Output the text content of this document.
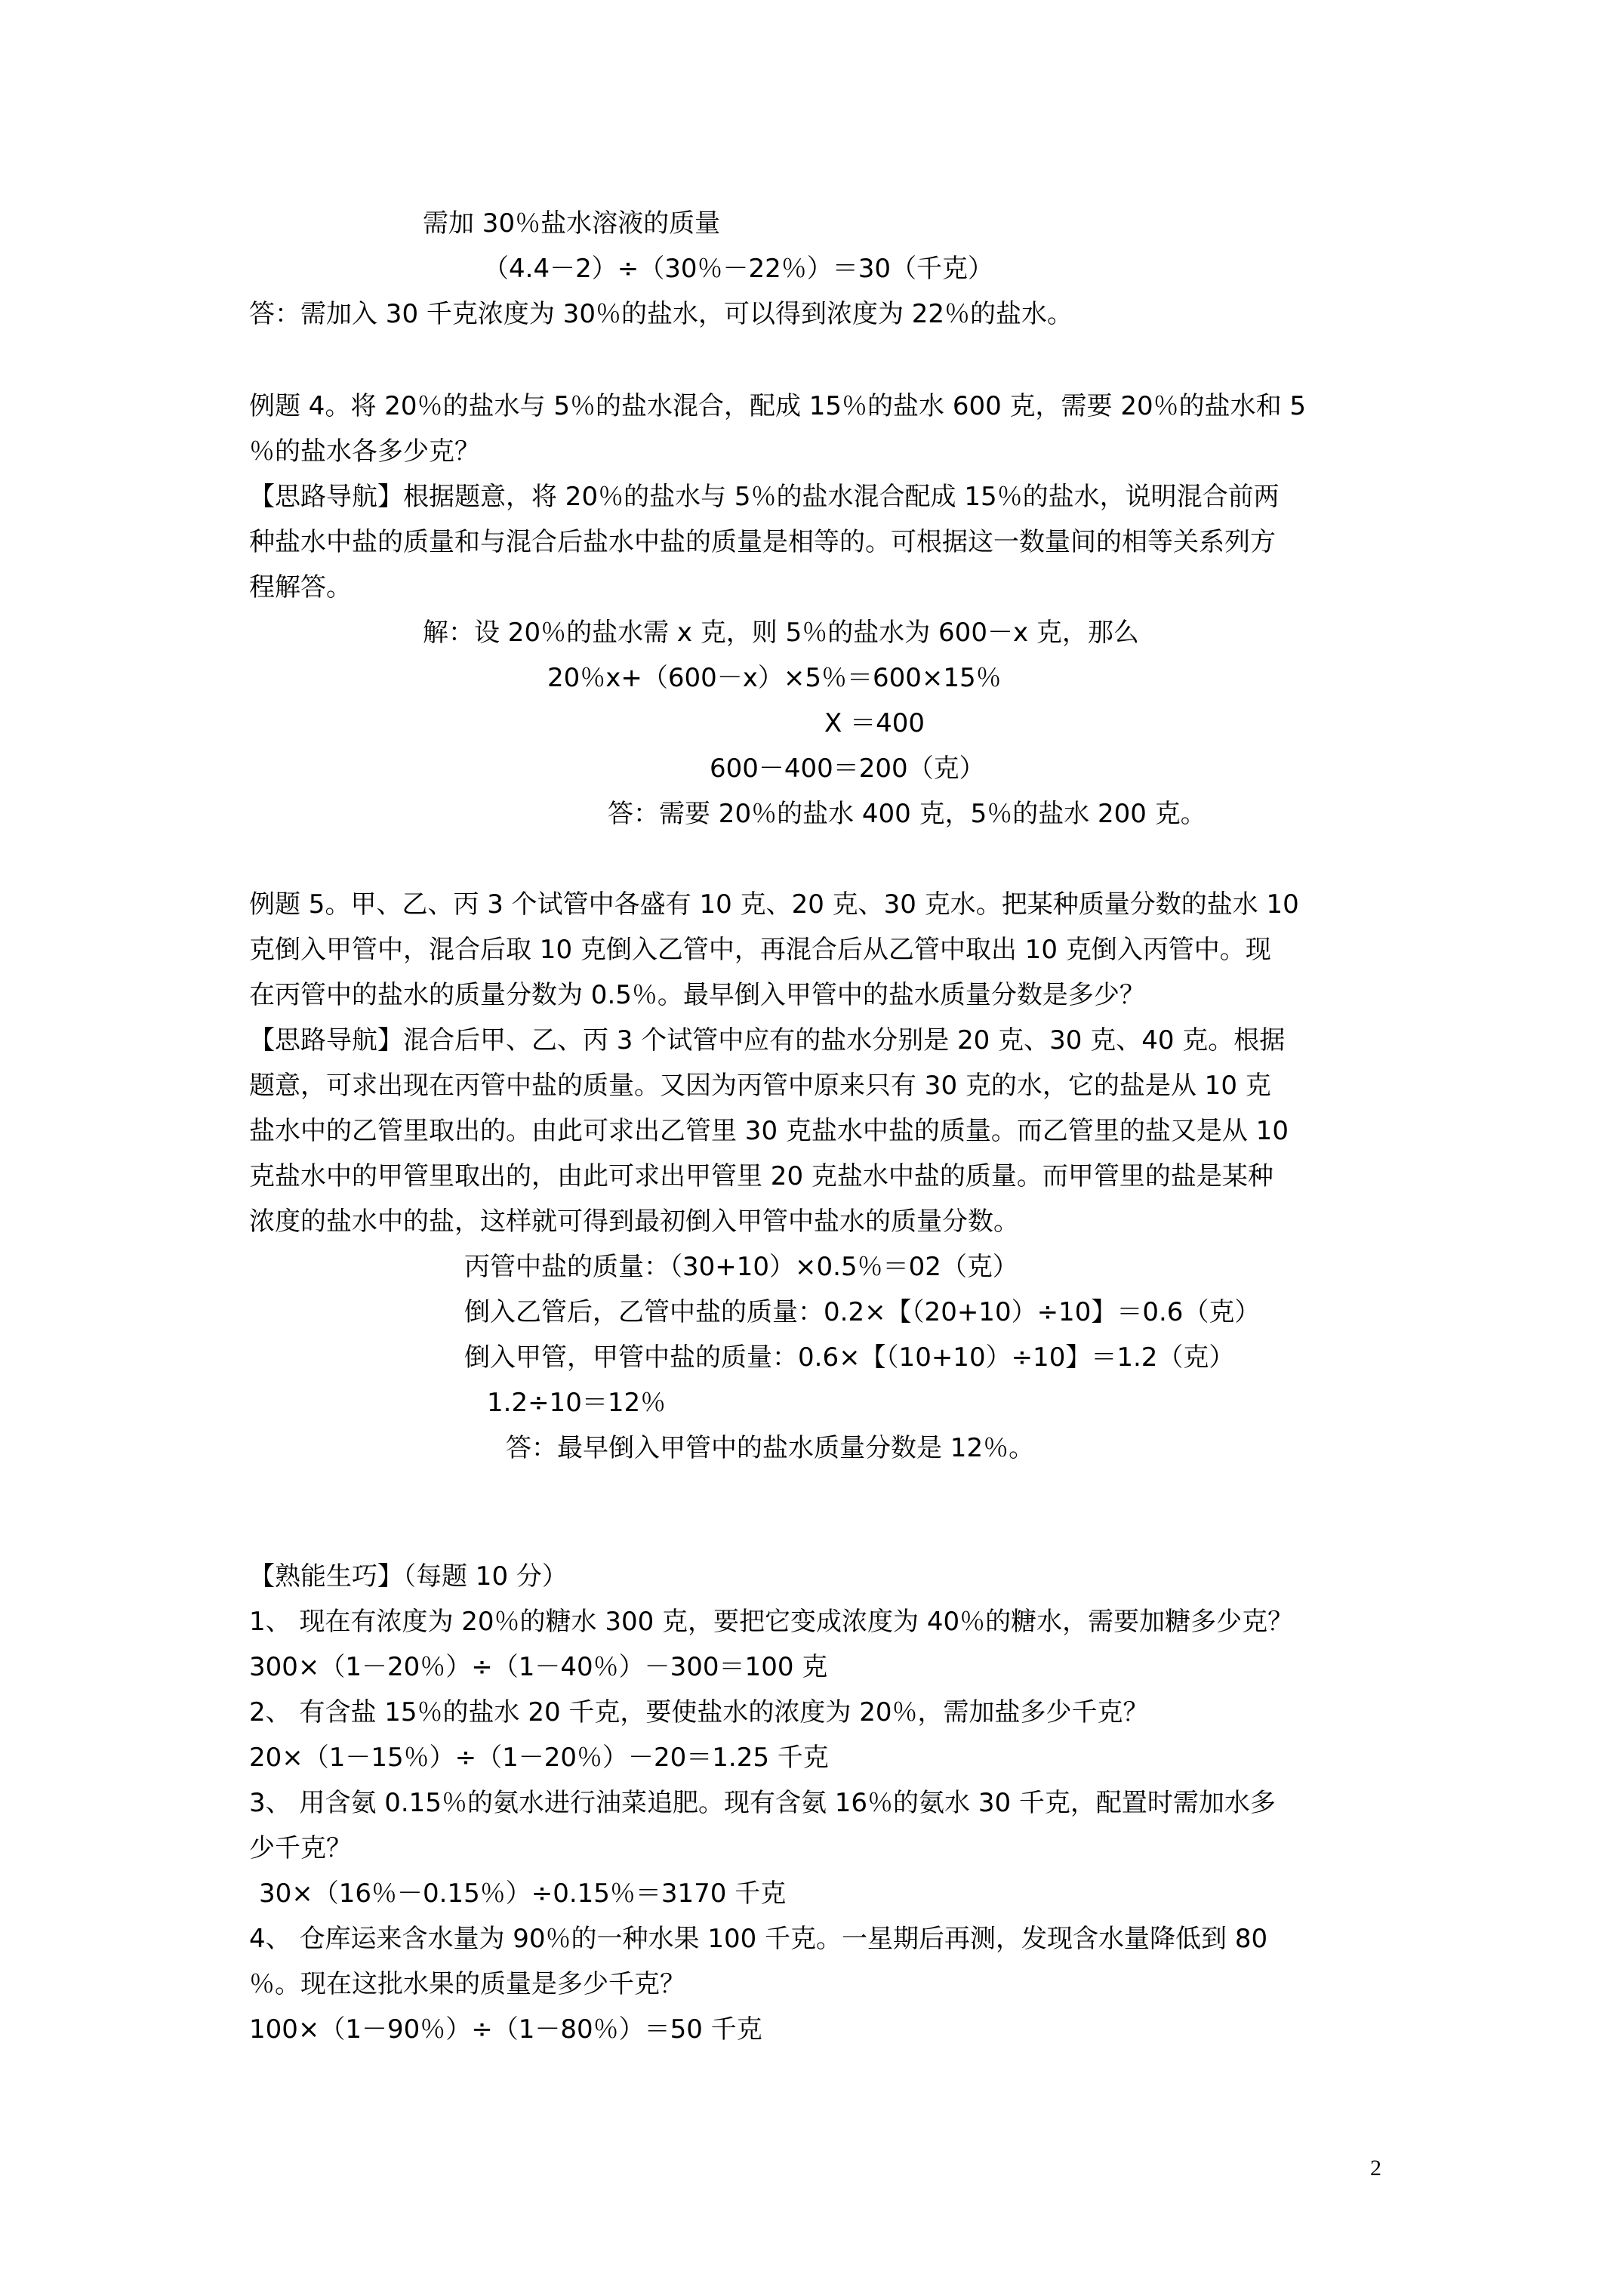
需加 30％盐水溶液的质量
（4.4－2）÷（30％－22％）＝30（千克）
答：需加入 30 千克浓度为 30％的盐水，可以得到浓度为 22％的盐水。
例题 4。将 20％的盐水与 5％的盐水混合，配成 15％的盐水 600 克，需要 20％的盐水和 5
％的盐水各多少克？
【思路导航】根据题意，将 20％的盐水与 5％的盐水混合配成 15％的盐水，说明混合前两
种盐水中盐的质量和与混合后盐水中盐的质量是相等的。可根据这一数量间的相等关系列方
程解答。
解：设 20％的盐水需 x 克，则 5％的盐水为 600－x 克，那么
20％x+（600－x）×5％＝600×15％
X ＝400
600－400＝200（克）
答：需要 20％的盐水 400 克，5％的盐水 200 克。
例题 5。甲、乙、丙 3 个试管中各盛有 10 克、20 克、30 克水。把某种质量分数的盐水 10
克倒入甲管中，混合后取 10 克倒入乙管中，再混合后从乙管中取出 10 克倒入丙管中。现
在丙管中的盐水的质量分数为 0.5％。最早倒入甲管中的盐水质量分数是多少？
【思路导航】混合后甲、乙、丙 3 个试管中应有的盐水分别是 20 克、30 克、40 克。根据
题意，可求出现在丙管中盐的质量。又因为丙管中原来只有 30 克的水，它的盐是从 10 克
盐水中的乙管里取出的。由此可求出乙管里 30 克盐水中盐的质量。而乙管里的盐又是从 10
克盐水中的甲管里取出的，由此可求出甲管里 20 克盐水中盐的质量。而甲管里的盐是某种
浓度的盐水中的盐，这样就可得到最初倒入甲管中盐水的质量分数。
丙管中盐的质量：（30+10）×0.5％＝02（克）
倒入乙管后，乙管中盐的质量：0.2×【（20+10）÷10】＝0.6（克）
倒入甲管，甲管中盐的质量：0.6×【（10+10）÷10】＝1.2（克）
1.2÷10＝12％
答：最早倒入甲管中的盐水质量分数是 12％。
【熟能生巧】（每题 10 分）
1、 现在有浓度为 20％的糖水 300 克，要把它变成浓度为 40％的糖水，需要加糖多少克？
300×（1－20％）÷（1－40％）－300＝100 克
2、 有含盐 15％的盐水 20 千克，要使盐水的浓度为 20％，需加盐多少千克？
20×（1－15％）÷（1－20％）－20＝1.25 千克
3、 用含氨 0.15％的氨水进行油菜追肥。现有含氨 16％的氨水 30 千克，配置时需加水多
少千克？
30×（16％－0.15％）÷0.15％＝3170 千克
4、 仓库运来含水量为 90％的一种水果 100 千克。一星期后再测，发现含水量降低到 80
％。现在这批水果的质量是多少千克？
100×（1－90％）÷（1－80％）＝50 千克
2
